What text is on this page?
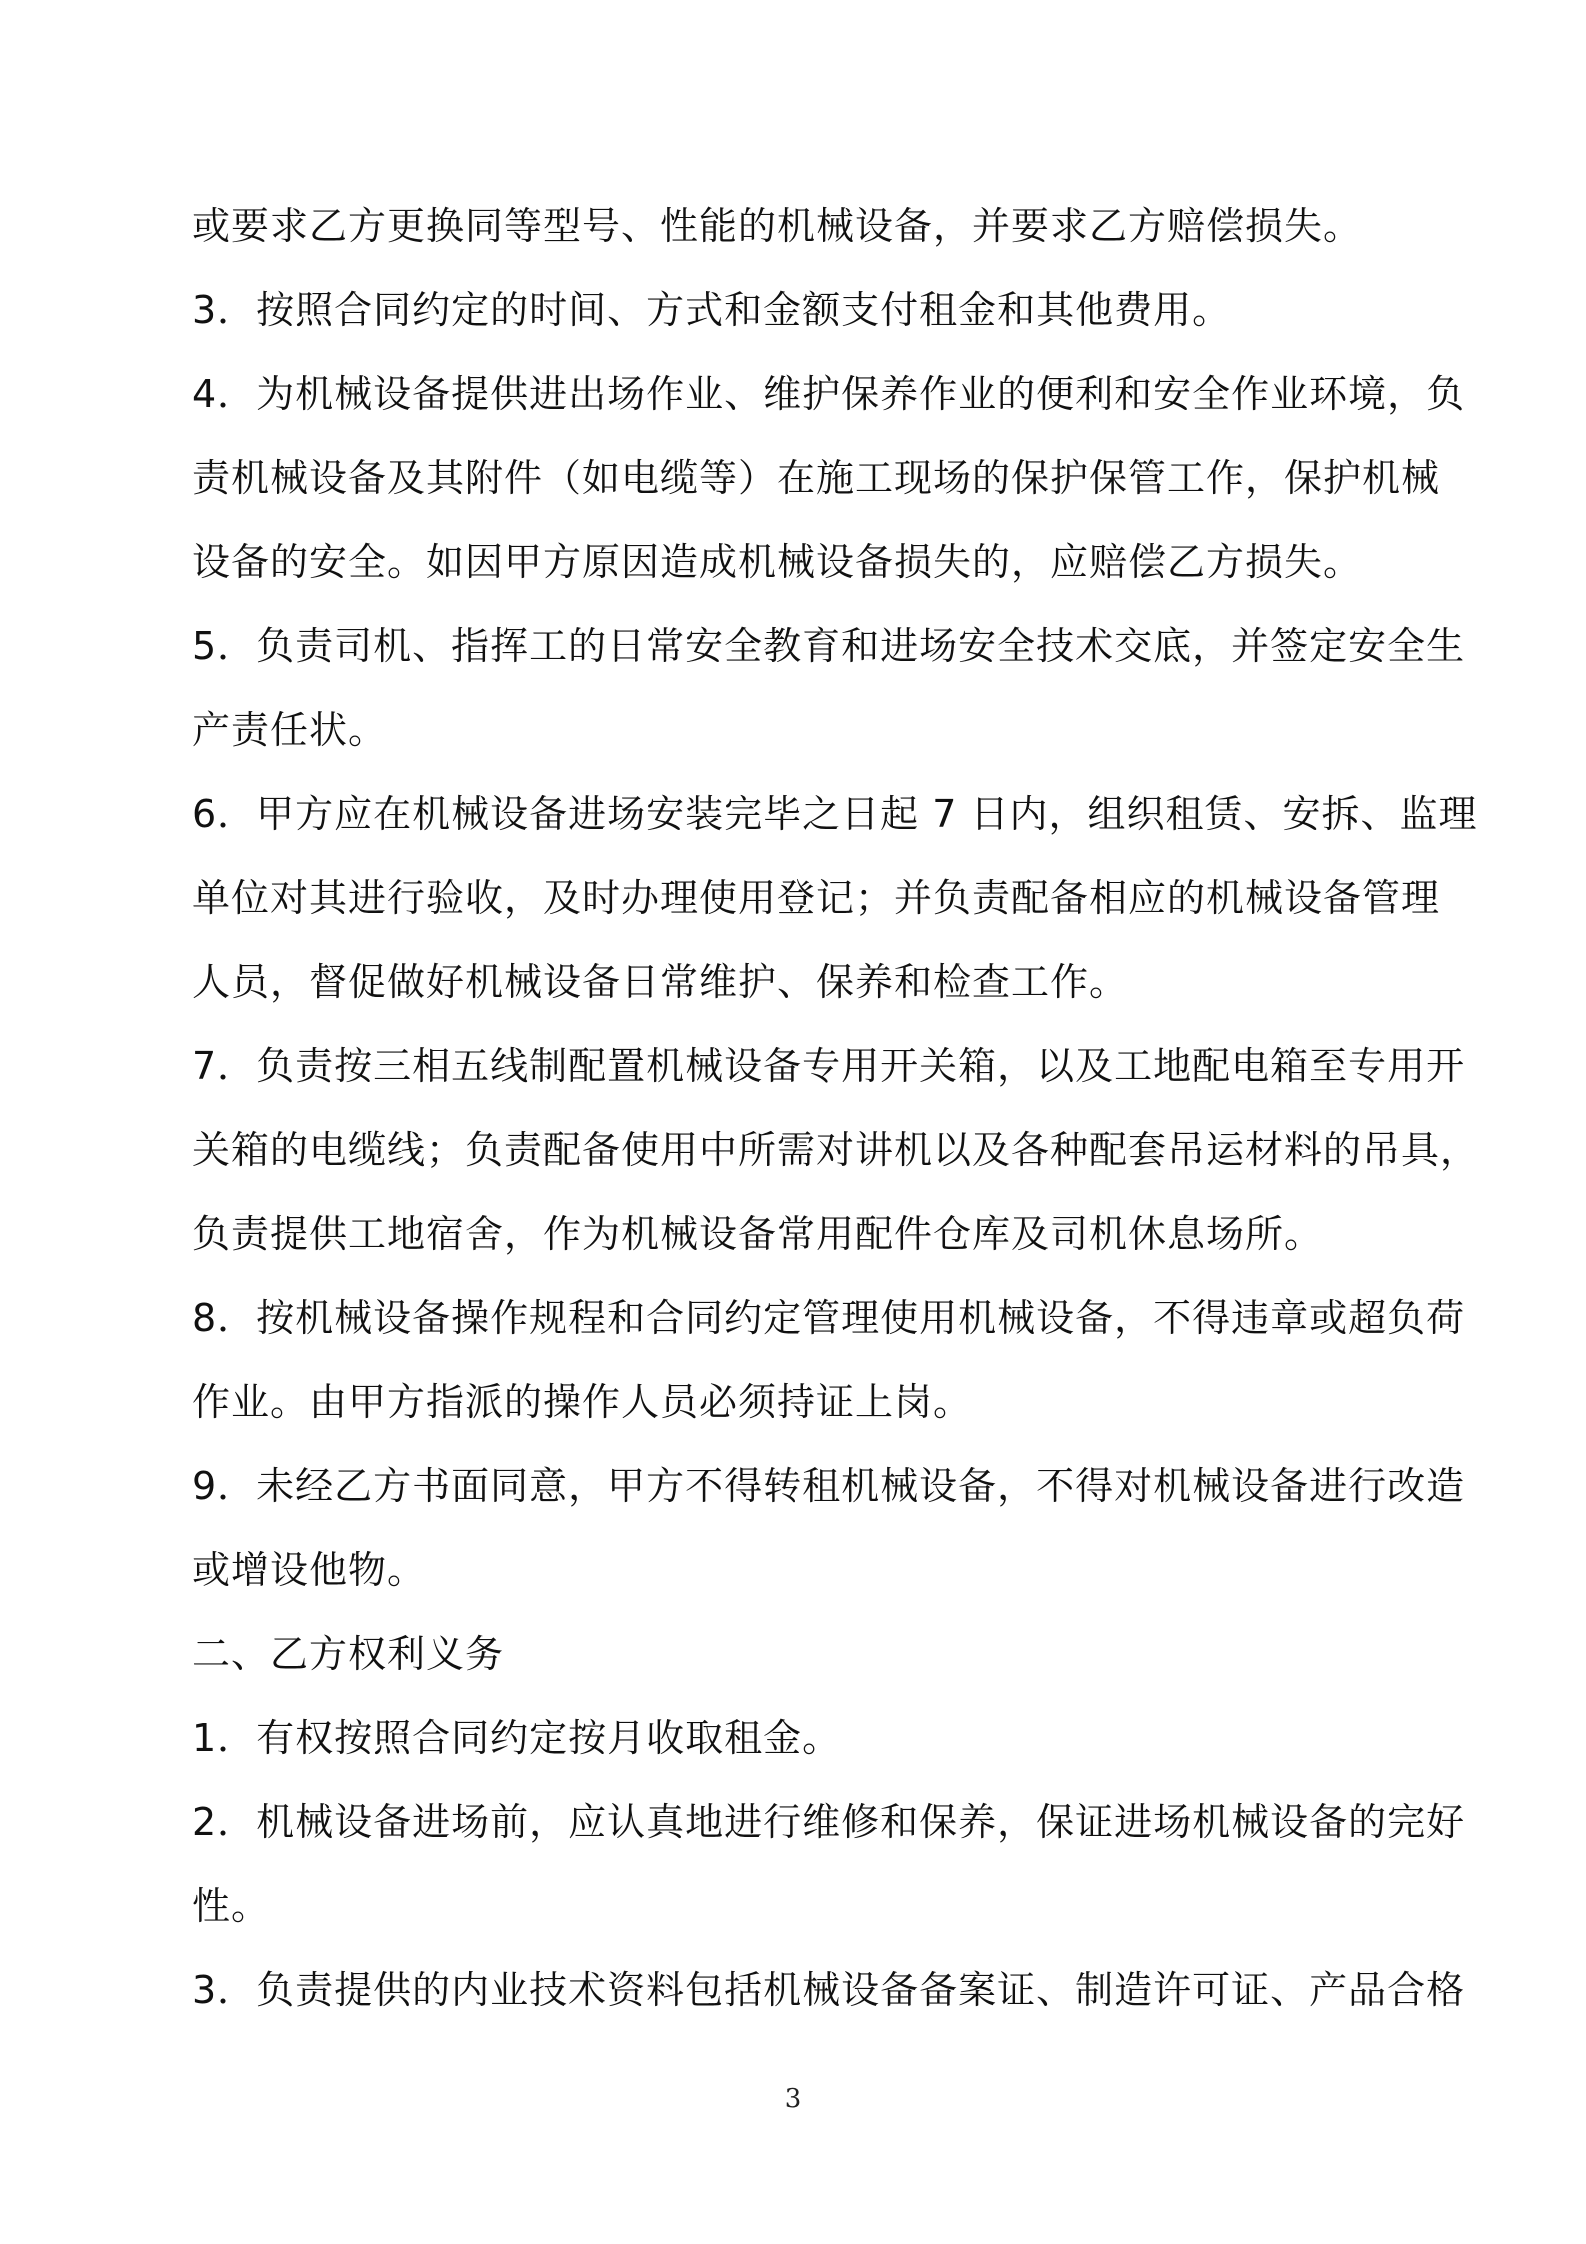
或要求乙方更换同等型号、性能的机械设备，并要求乙方赔偿损失。
3．按照合同约定的时间、方式和金额支付租金和其他费用。
4．为机械设备提供进出场作业、维护保养作业的便利和安全作业环境，负
责机械设备及其附件（如电缆等）在施工现场的保护保管工作，保护机械
设备的安全。如因甲方原因造成机械设备损失的，应赔偿乙方损失。
5．负责司机、指挥工的日常安全教育和进场安全技术交底，并签定安全生
产责任状。
6．甲方应在机械设备进场安装完毕之日起 7 日内，组织租赁、安拆、监理
单位对其进行验收，及时办理使用登记；并负责配备相应的机械设备管理
人员，督促做好机械设备日常维护、保养和检查工作。
7．负责按三相五线制配置机械设备专用开关箱，以及工地配电箱至专用开
关箱的电缆线；负责配备使用中所需对讲机以及各种配套吊运材料的吊具，
负责提供工地宿舍，作为机械设备常用配件仓库及司机休息场所。
8．按机械设备操作规程和合同约定管理使用机械设备，不得违章或超负荷
作业。由甲方指派的操作人员必须持证上岗。
9．未经乙方书面同意，甲方不得转租机械设备，不得对机械设备进行改造
或增设他物。
二、乙方权利义务
1．有权按照合同约定按月收取租金。
2．机械设备进场前，应认真地进行维修和保养，保证进场机械设备的完好
性。
3．负责提供的内业技术资料包括机械设备备案证、制造许可证、产品合格
3
